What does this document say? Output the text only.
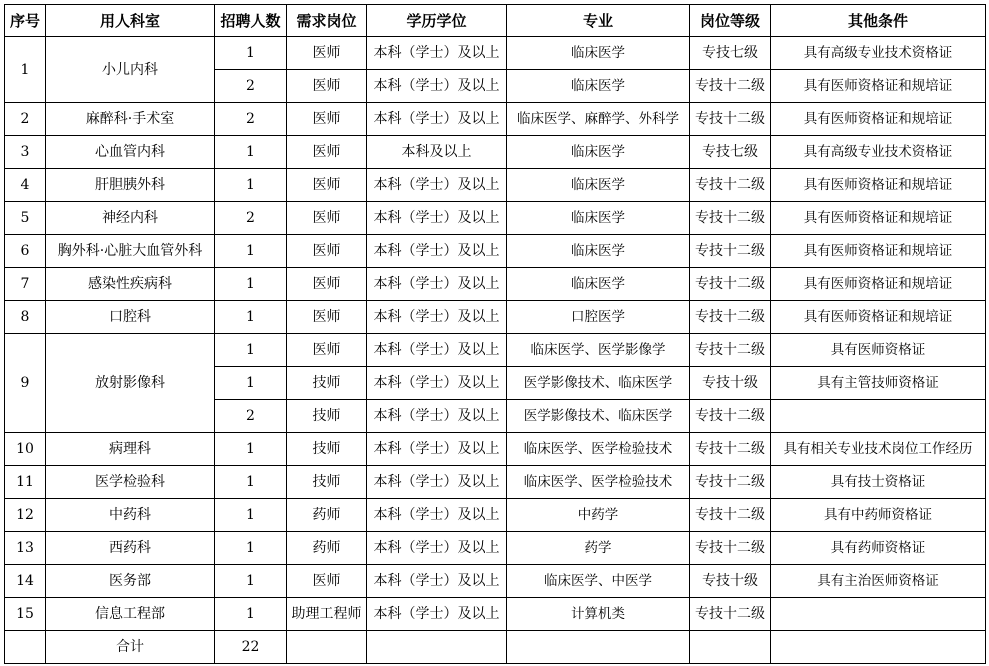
序号	用人科室	招聘人数	需求岗位	学历学位	专业	岗位等级	其他条件
1	小儿内科	1	医师	本科（学士）及以上	临床医学	专技七级	具有高级专业技术资格证
		2	医师	本科（学士）及以上	临床医学	专技十二级	具有医师资格证和规培证
2	麻醉科·手术室	2	医师	本科（学士）及以上	临床医学、麻醉学、外科学	专技十二级	具有医师资格证和规培证
3	心血管内科	1	医师	本科及以上	临床医学	专技七级	具有高级专业技术资格证
4	肝胆胰外科	1	医师	本科（学士）及以上	临床医学	专技十二级	具有医师资格证和规培证
5	神经内科	2	医师	本科（学士）及以上	临床医学	专技十二级	具有医师资格证和规培证
6	胸外科·心脏大血管外科	1	医师	本科（学士）及以上	临床医学	专技十二级	具有医师资格证和规培证
7	感染性疾病科	1	医师	本科（学士）及以上	临床医学	专技十二级	具有医师资格证和规培证
8	口腔科	1	医师	本科（学士）及以上	口腔医学	专技十二级	具有医师资格证和规培证
9	放射影像科	1	医师	本科（学士）及以上	临床医学、医学影像学	专技十二级	具有医师资格证
		1	技师	本科（学士）及以上	医学影像技术、临床医学	专技十级	具有主管技师资格证
		2	技师	本科（学士）及以上	医学影像技术、临床医学	专技十二级	
10	病理科	1	技师	本科（学士）及以上	临床医学、医学检验技术	专技十二级	具有相关专业技术岗位工作经历
11	医学检验科	1	技师	本科（学士）及以上	临床医学、医学检验技术	专技十二级	具有技士资格证
12	中药科	1	药师	本科（学士）及以上	中药学	专技十二级	具有中药师资格证
13	西药科	1	药师	本科（学士）及以上	药学	专技十二级	具有药师资格证
14	医务部	1	医师	本科（学士）及以上	临床医学、中医学	专技十级	具有主治医师资格证
15	信息工程部	1	助理工程师	本科（学士）及以上	计算机类	专技十二级	
	合计	22					
